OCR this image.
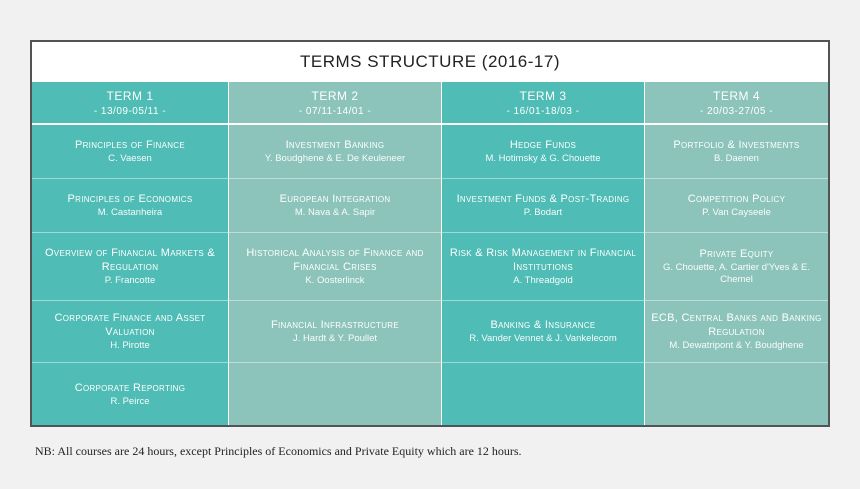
TERMS STRUCTURE (2016-17)
TERM 1
- 13/09-05/11 -
TERM 2
- 07/11-14/01 -
TERM 3
- 16/01-18/03 -
TERM 4
- 20/03-27/05 -
Principles of Finance
C. Vaesen
Investment Banking
Y. Boudghene & E. De Keuleneer
Hedge Funds
M. Hotimsky & G. Chouette
Portfolio & Investments
B. Daenen
Principles of Economics
M. Castanheira
European Integration
M. Nava & A. Sapir
Investment Funds & Post-Trading
P. Bodart
Competition Policy
P. Van Cayseele
Overview of Financial Markets & Regulation
P. Francotte
Historical Analysis of Finance and Financial Crises
K. Oosterlinck
Risk & Risk Management in Financial Institutions
A. Threadgold
Private Equity
G. Chouette, A. Cartier d'Yves & E. Chemel
Corporate Finance and Asset Valuation
H. Pirotte
Financial Infrastructure
J. Hardt & Y. Poullet
Banking & Insurance
R. Vander Vennet & J. Vankelecom
ECB, Central Banks and Banking Regulation
M. Dewatripont & Y. Boudghene
Corporate Reporting
R. Peirce
NB: All courses are 24 hours, except Principles of Economics and Private Equity which are 12 hours.
